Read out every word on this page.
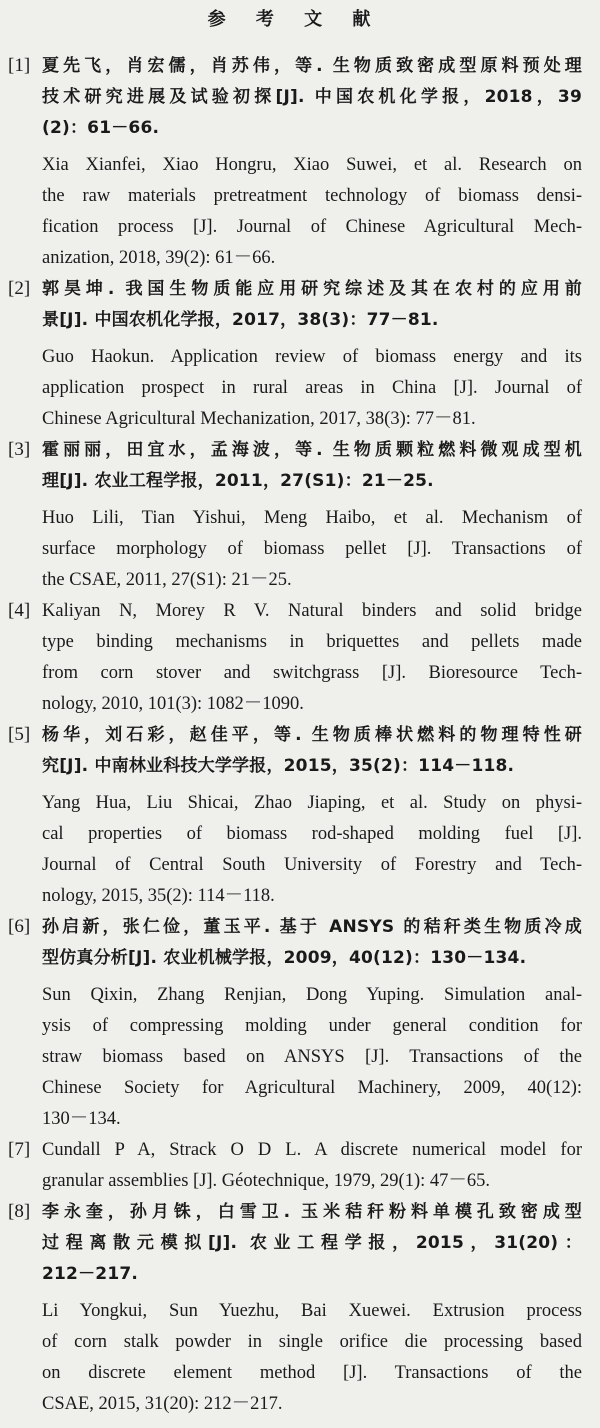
参 考 文 献
[1] 夏先飞，肖宏儒，肖苏伟，等. 生物质致密成型原料预处理
技术研究进展及试验初探[J]. 中国农机化学报，2018，39
(2)：61－66.
Xia Xianfei, Xiao Hongru, Xiao Suwei, et al. Research on
the raw materials pretreatment technology of biomass densi-
fication process [J]. Journal of Chinese Agricultural Mech-
anization, 2018, 39(2): 61－66.
[2] 郭昊坤. 我国生物质能应用研究综述及其在农村的应用前
景[J]. 中国农机化学报，2017，38(3)：77－81.
Guo Haokun. Application review of biomass energy and its
application prospect in rural areas in China [J]. Journal of
Chinese Agricultural Mechanization, 2017, 38(3): 77－81.
[3] 霍丽丽，田宜水，孟海波，等. 生物质颗粒燃料微观成型机
理[J]. 农业工程学报，2011，27(S1)：21－25.
Huo Lili, Tian Yishui, Meng Haibo, et al. Mechanism of
surface morphology of biomass pellet [J]. Transactions of
the CSAE, 2011, 27(S1): 21－25.
[4] Kaliyan N, Morey R V. Natural binders and solid bridge
type binding mechanisms in briquettes and pellets made
from corn stover and switchgrass [J]. Bioresource Tech-
nology, 2010, 101(3): 1082－1090.
[5] 杨华，刘石彩，赵佳平，等. 生物质棒状燃料的物理特性研
究[J]. 中南林业科技大学学报，2015，35(2)：114－118.
Yang Hua, Liu Shicai, Zhao Jiaping, et al. Study on physi-
cal properties of biomass rod-shaped molding fuel [J].
Journal of Central South University of Forestry and Tech-
nology, 2015, 35(2): 114－118.
[6] 孙启新，张仁俭，董玉平. 基于 ANSYS 的秸秆类生物质冷成
型仿真分析[J]. 农业机械学报，2009，40(12)：130－134.
Sun Qixin, Zhang Renjian, Dong Yuping. Simulation anal-
ysis of compressing molding under general condition for
straw biomass based on ANSYS [J]. Transactions of the
Chinese Society for Agricultural Machinery, 2009, 40(12):
130－134.
[7] Cundall P A, Strack O D L. A discrete numerical model for
granular assemblies [J]. Géotechnique, 1979, 29(1): 47－65.
[8] 李永奎，孙月铢，白雪卫. 玉米秸秆粉料单模孔致密成型
过程离散元模拟[J]. 农业工程学报，2015，31(20)：
212－217.
Li Yongkui, Sun Yuezhu, Bai Xuewei. Extrusion process
of corn stalk powder in single orifice die processing based
on discrete element method [J]. Transactions of the
CSAE, 2015, 31(20): 212－217.
